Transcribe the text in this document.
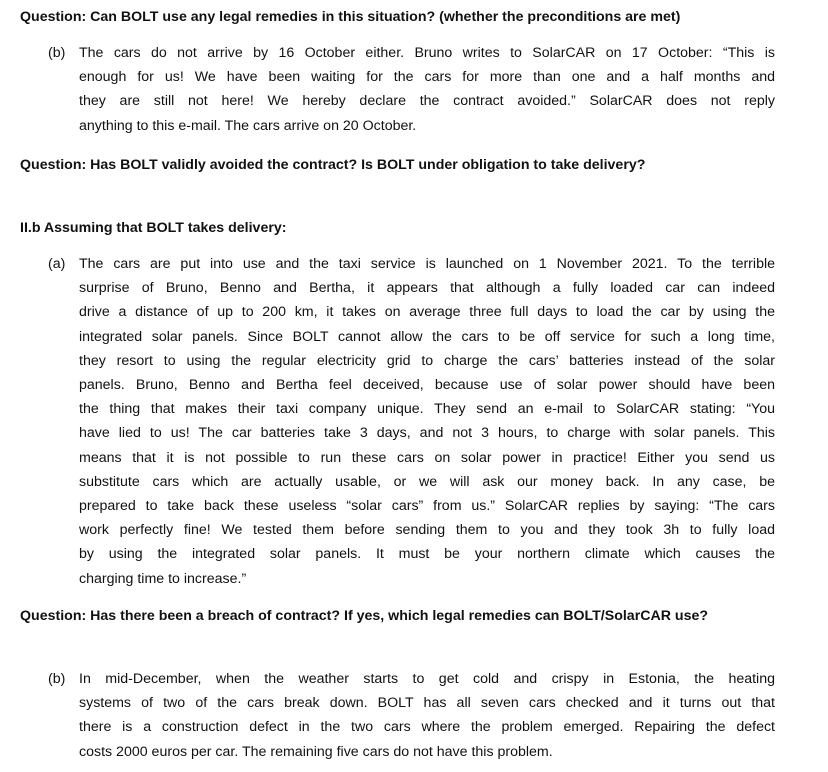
Question: Can BOLT use any legal remedies in this situation? (whether the preconditions are met)
(b) The cars do not arrive by 16 October either. Bruno writes to SolarCAR on 17 October: “This is
enough for us! We have been waiting for the cars for more than one and a half months and
they are still not here! We hereby declare the contract avoided.” SolarCAR does not reply
anything to this e-mail. The cars arrive on 20 October.
Question: Has BOLT validly avoided the contract? Is BOLT under obligation to take delivery?
II.b Assuming that BOLT takes delivery:
(a) The cars are put into use and the taxi service is launched on 1 November 2021. To the terrible
surprise of Bruno, Benno and Bertha, it appears that although a fully loaded car can indeed
drive a distance of up to 200 km, it takes on average three full days to load the car by using the
integrated solar panels. Since BOLT cannot allow the cars to be off service for such a long time,
they resort to using the regular electricity grid to charge the cars’ batteries instead of the solar
panels. Bruno, Benno and Bertha feel deceived, because use of solar power should have been
the thing that makes their taxi company unique. They send an e-mail to SolarCAR stating: “You
have lied to us! The car batteries take 3 days, and not 3 hours, to charge with solar panels. This
means that it is not possible to run these cars on solar power in practice! Either you send us
substitute cars which are actually usable, or we will ask our money back. In any case, be
prepared to take back these useless “solar cars” from us.” SolarCAR replies by saying: “The cars
work perfectly fine! We tested them before sending them to you and they took 3h to fully load
by using the integrated solar panels. It must be your northern climate which causes the
charging time to increase.”
Question: Has there been a breach of contract? If yes, which legal remedies can BOLT/SolarCAR use?
(b) In mid-December, when the weather starts to get cold and crispy in Estonia, the heating
systems of two of the cars break down. BOLT has all seven cars checked and it turns out that
there is a construction defect in the two cars where the problem emerged. Repairing the defect
costs 2000 euros per car. The remaining five cars do not have this problem.
